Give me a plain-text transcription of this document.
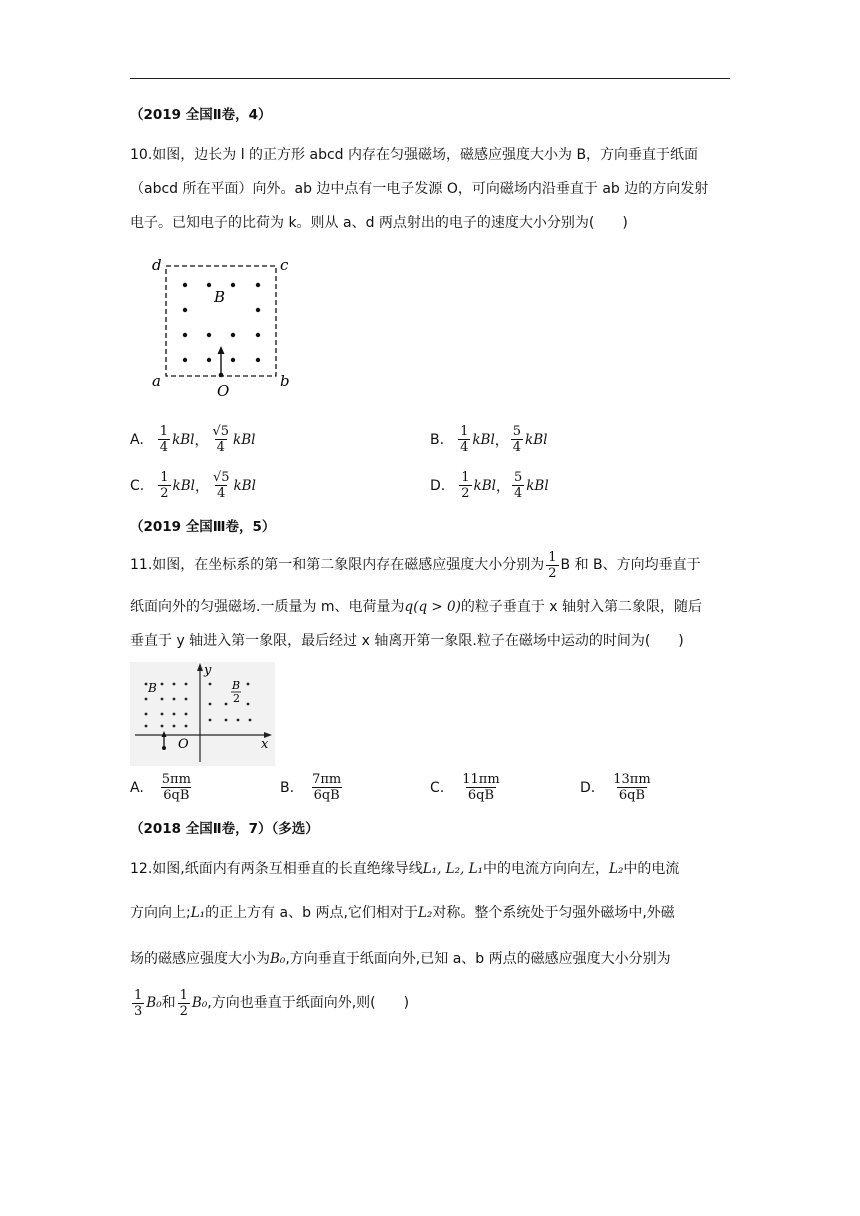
（2019 全国Ⅱ卷，4）
10.如图，边长为 l 的正方形 abcd 内存在匀强磁场，磁感应强度大小为 B，方向垂直于纸面
（abcd 所在平面）向外。ab 边中点有一电子发源 O，可向磁场内沿垂直于 ab 边的方向发射
电子。已知电子的比荷为 k。则从 a、d 两点射出的电子的速度大小分别为(　　)
d	c
a	b
B
O
A. $\frac{1}{4}$ kBl ， $\frac{√5}{4}$ kBl	B. $\frac{1}{4}$ kBl ， $\frac{5}{4}$ kBl
C. $\frac{1}{2}$ kBl ， $\frac{√5}{4}$ kBl	D. $\frac{1}{2}$ kBl ， $\frac{5}{4}$ kBl
（2019 全国Ⅲ卷，5）
11.如图，在坐标系的第一和第二象限内存在磁感应强度大小分别为 $\frac{1}{2}$ B 和 B、方向均垂直于
纸面向外的匀强磁场.一质量为 m、电荷量为q(q > 0)的粒子垂直于 x 轴射入第二象限，随后
垂直于 y 轴进入第一象限，最后经过 x 轴离开第一象限.粒子在磁场中运动的时间为(　　)
B	B
2
O	x
y
A. $\frac{5\pi m}{6qB}$	B. $\frac{7\pi m}{6qB}$	C. $\frac{11\pi m}{6qB}$	D. $\frac{13\pi m}{6qB}$
（2018 全国Ⅱ卷，7）（多选）
12.如图,纸面内有两条互相垂直的长直绝缘导线L₁, L₂, L₁中的电流方向向左，L₂中的电流
方向向上;L₁的正上方有 a、b 两点,它们相对于L₂对称。整个系统处于匀强外磁场中,外磁
场的磁感应强度大小为B₀,方向垂直于纸面向外,已知 a、b 两点的磁感应强度大小分别为
$\frac{1}{3} B_0$ 和 $\frac{1}{2} B_0$ ,方向也垂直于纸面向外,则(　　)
